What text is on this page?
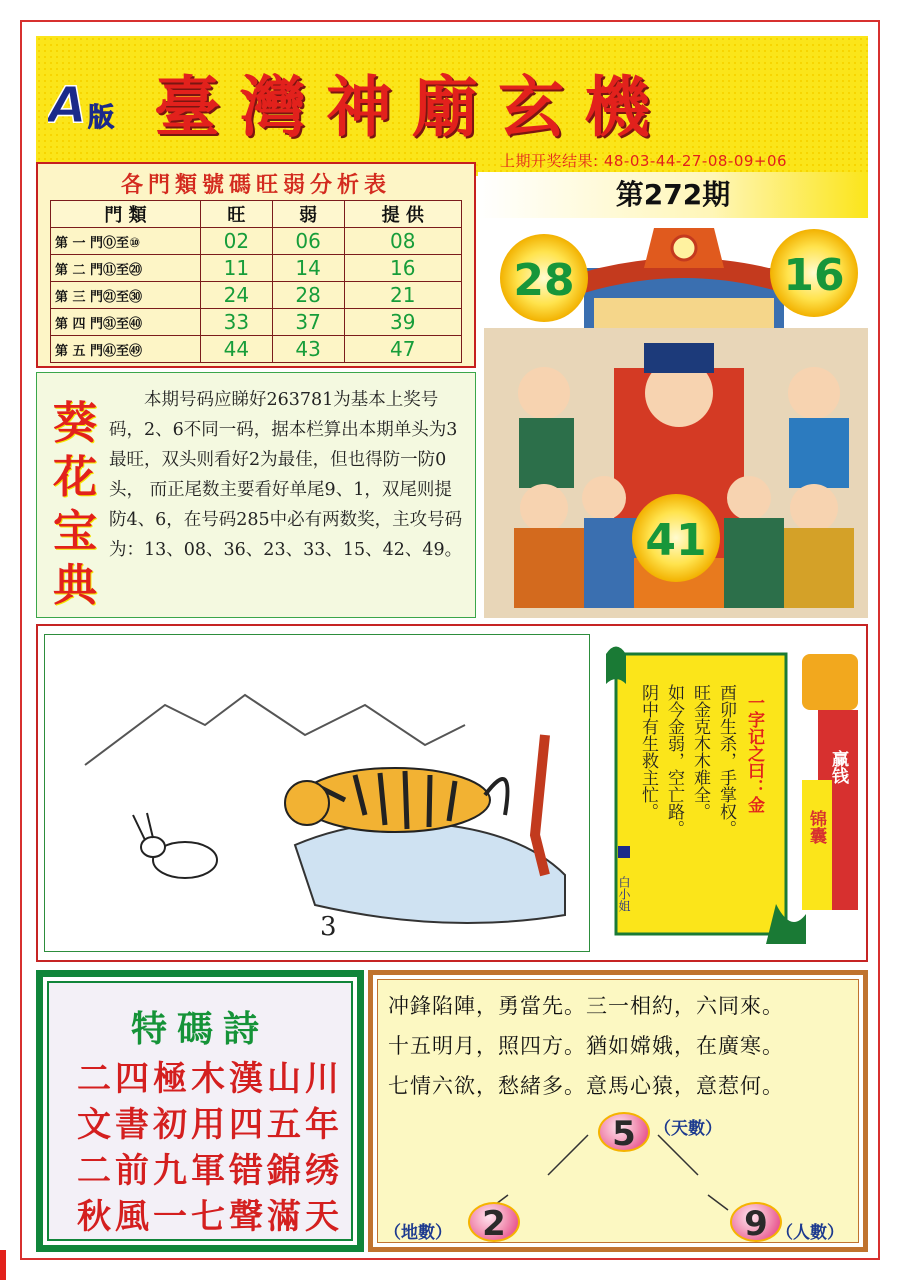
A 版 臺灣神廟玄機
上期开奖结果: 48-03-44-27-08-09+06
第272期
各門類號碼旺弱分析表
門 類	旺	弱	提 供
第 一 門⓪至⑩	02	06	08
第 二 門⑪至⑳	11	14	16
第 三 門㉑至㉚	24	28	21
第 四 門㉛至㊵	33	37	39
第 五 門㊶至㊾	44	43	47
葵
花
宝
典
本期号码应睇好263781为基本上奖号码，2、6不同一码，据本栏算出本期单头为3最旺，双头则看好2为最佳，但也得防一防0头， 而正尾数主要看好单尾9、1，双尾则提防4、6，在号码285中必有两数奖，主攻号码为：13、08、36、23、33、15、42、49。
28	16
41
3
一字记之曰：金
酉卯生杀，手掌权。
旺金克木木难全。
如今金弱，空亡路。
阴中有生救主忙。
白小姐
赢钱
锦囊
特碼詩
二四極木漢山川
文書初用四五年
二前九軍错錦绣
秋風一七聲滿天
冲鋒陷陣，勇當先。三一相約，六同來。
十五明月，照四方。猶如嫦娥，在廣寒。
七情六欲，愁緒多。意馬心猿，意惹何。
5	（天數）
2
（地數）	9 （人數）
